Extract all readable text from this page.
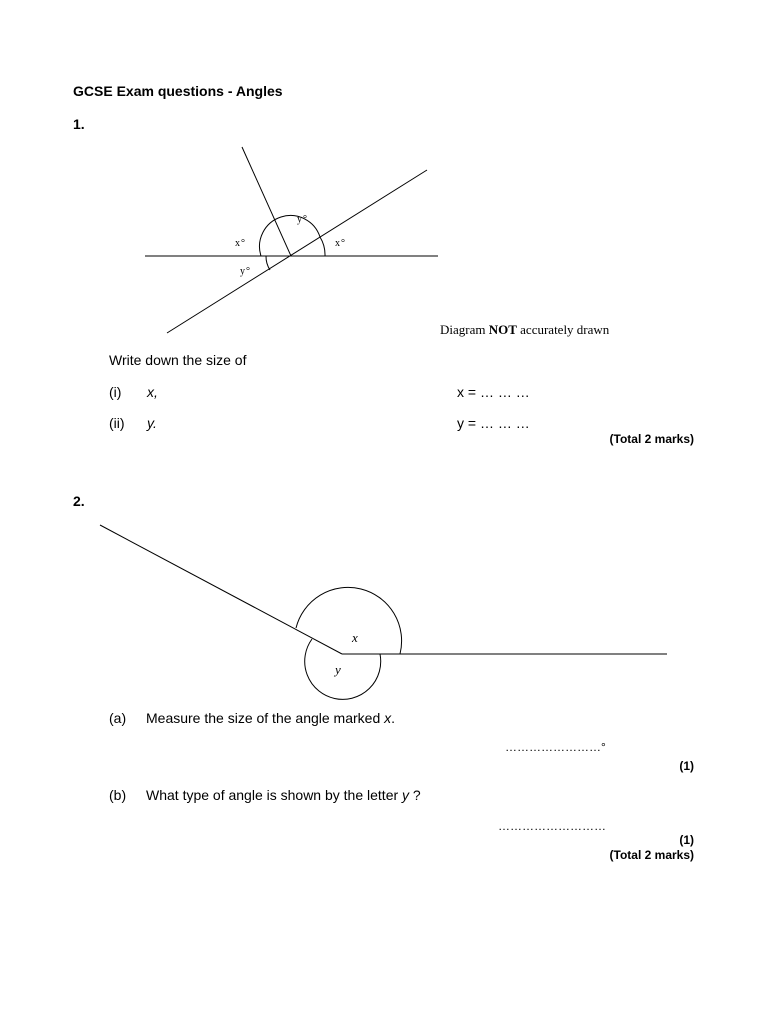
GCSE Exam questions - Angles
1.
y°
x°	x°
y°
Diagram NOT accurately drawn
Write down the size of
(i) x,	x = … … …
(ii) y.	y = … … …
(Total 2 marks)
2.
x
y
(a) Measure the size of the angle marked x.
……………………°
(1)
(b) What type of angle is shown by the letter y ?
………………………
(1)
(Total 2 marks)
